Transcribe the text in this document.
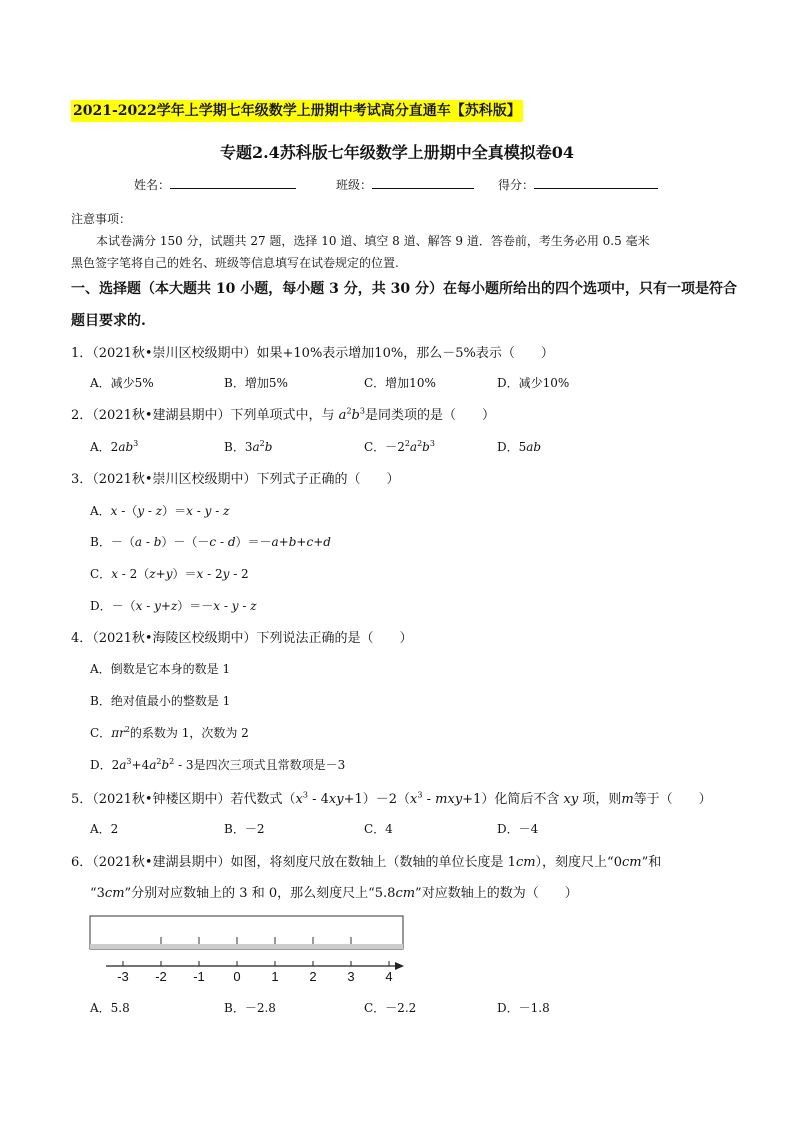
2021-2022学年上学期七年级数学上册期中考试高分直通车【苏科版】
专题2.4苏科版七年级数学上册期中全真模拟卷04
姓名：	班级：	得分：
注意事项：
本试卷满分 150 分，试题共 27 题，选择 10 道、填空 8 道、解答 9 道．答卷前，考生务必用 0.5 毫米
黑色签字笔将自己的姓名、班级等信息填写在试卷规定的位置.
一、选择题（本大题共 10 小题，每小题 3 分，共 30 分）在每小题所给出的四个选项中，只有一项是符合
题目要求的.
1．（2021秋•崇川区校级期中）如果+10%表示增加10%，那么－5%表示（　　）
A．减少5%	B．增加5%	C．增加10%	D．减少10%
2．（2021秋•建湖县期中）下列单项式中，与 $a^2b^3$是同类项的是（　　）
A．$2ab^3$	B．$3a^2b$	C．$-2^2a^2b^3$	D．5ab
3．（2021秋•崇川区校级期中）下列式子正确的（　　）
A．x -（y - z）＝x - y - z
B．－（a - b）－（－c - d）＝－a+b+c+d
C．x - 2（z+y）＝x - 2y - 2
D．－（x - y+z）＝－x - y - z
4．（2021秋•海陵区校级期中）下列说法正确的是（　　）
A．倒数是它本身的数是 1
B．绝对值最小的整数是 1
C．$\pi r^2$的系数为 1，次数为 2
D．$2a^3+4a^2b^2 - 3$是四次三项式且常数项是－3
5．（2021秋•钟楼区期中）若代数式$(x^3 - 4xy+1)-2(x^3 - mxy+1)$化简后不含 xy 项，则m等于（　　）
A．2	B．－2	C．4	D．－4
6．（2021秋•建湖县期中）如图，将刻度尺放在数轴上（数轴的单位长度是 1cm），刻度尺上“0cm”和
“3cm”分别对应数轴上的 3 和 0，那么刻度尺上“5.8cm”对应数轴上的数为（　　）
-3 -2 -1 0 1 2 3 4
A．5.8	B．－2.8	C．－2.2	D．－1.8
